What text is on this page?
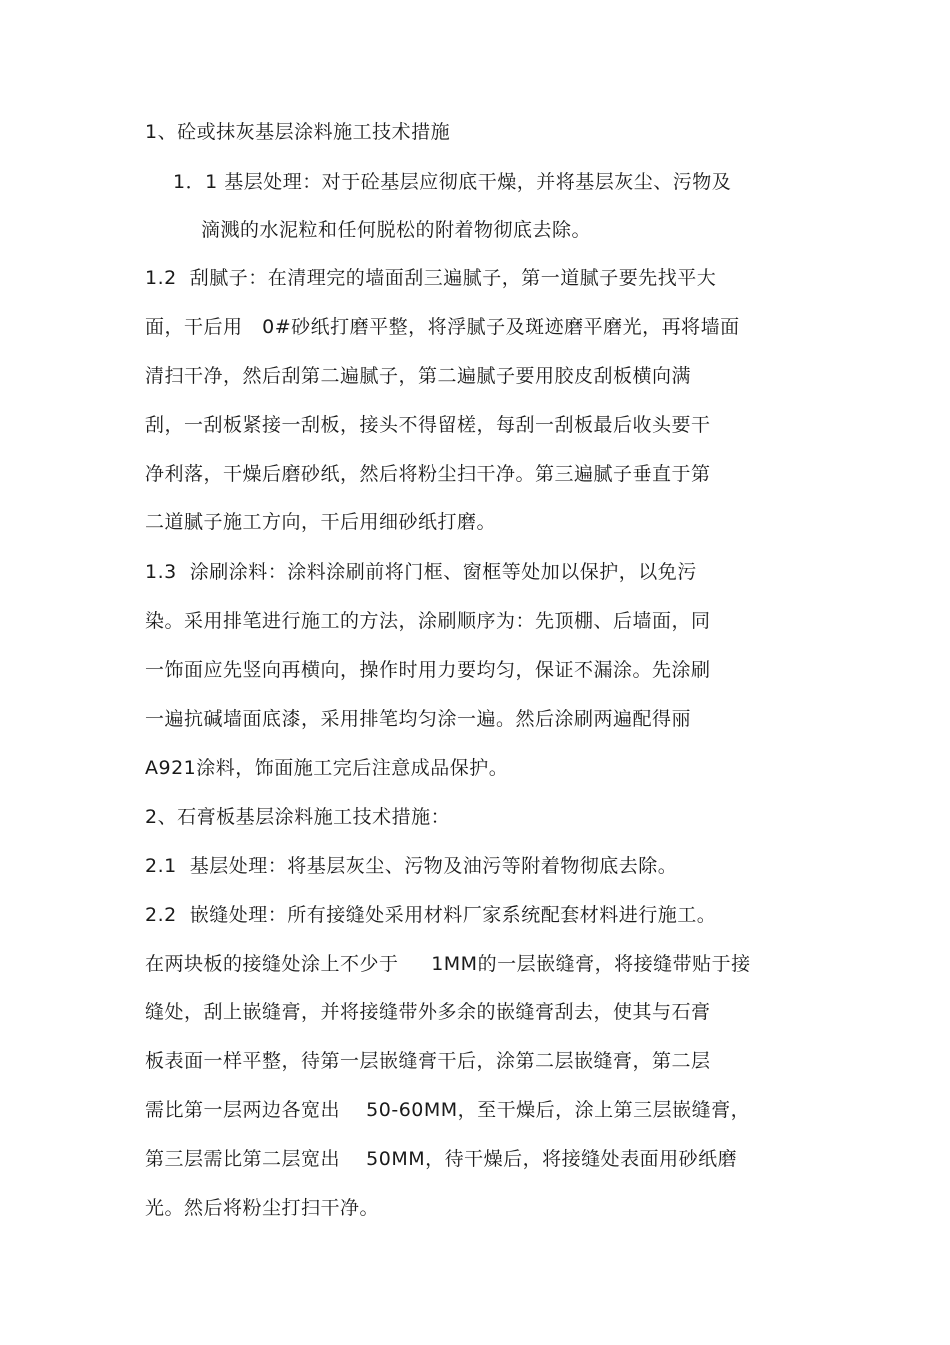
1、砼或抹灰基层涂料施工技术措施
1．1 基层处理：对于砼基层应彻底干燥，并将基层灰尘、污物及
滴溅的水泥粒和任何脱松的附着物彻底去除。
1.2  刮腻子：在清理完的墙面刮三遍腻子，第一道腻子要先找平大
面，干后用   0#砂纸打磨平整，将浮腻子及斑迹磨平磨光，再将墙面
清扫干净，然后刮第二遍腻子，第二遍腻子要用胶皮刮板横向满
刮，一刮板紧接一刮板，接头不得留槎，每刮一刮板最后收头要干
净利落，干燥后磨砂纸，然后将粉尘扫干净。第三遍腻子垂直于第
二道腻子施工方向，干后用细砂纸打磨。
1.3  涂刷涂料：涂料涂刷前将门框、窗框等处加以保护，以免污
染。采用排笔进行施工的方法，涂刷顺序为：先顶棚、后墙面，同
一饰面应先竖向再横向，操作时用力要均匀，保证不漏涂。先涂刷
一遍抗碱墙面底漆，采用排笔均匀涂一遍。然后涂刷两遍配得丽
A921涂料，饰面施工完后注意成品保护。
2、石膏板基层涂料施工技术措施：
2.1  基层处理：将基层灰尘、污物及油污等附着物彻底去除。
2.2  嵌缝处理：所有接缝处采用材料厂家系统配套材料进行施工。
在两块板的接缝处涂上不少于     1MM的一层嵌缝膏，将接缝带贴于接
缝处，刮上嵌缝膏，并将接缝带外多余的嵌缝膏刮去，使其与石膏
板表面一样平整，待第一层嵌缝膏干后，涂第二层嵌缝膏，第二层
需比第一层两边各宽出    50-60MM，至干燥后，涂上第三层嵌缝膏，
第三层需比第二层宽出    50MM，待干燥后，将接缝处表面用砂纸磨
光。然后将粉尘打扫干净。
